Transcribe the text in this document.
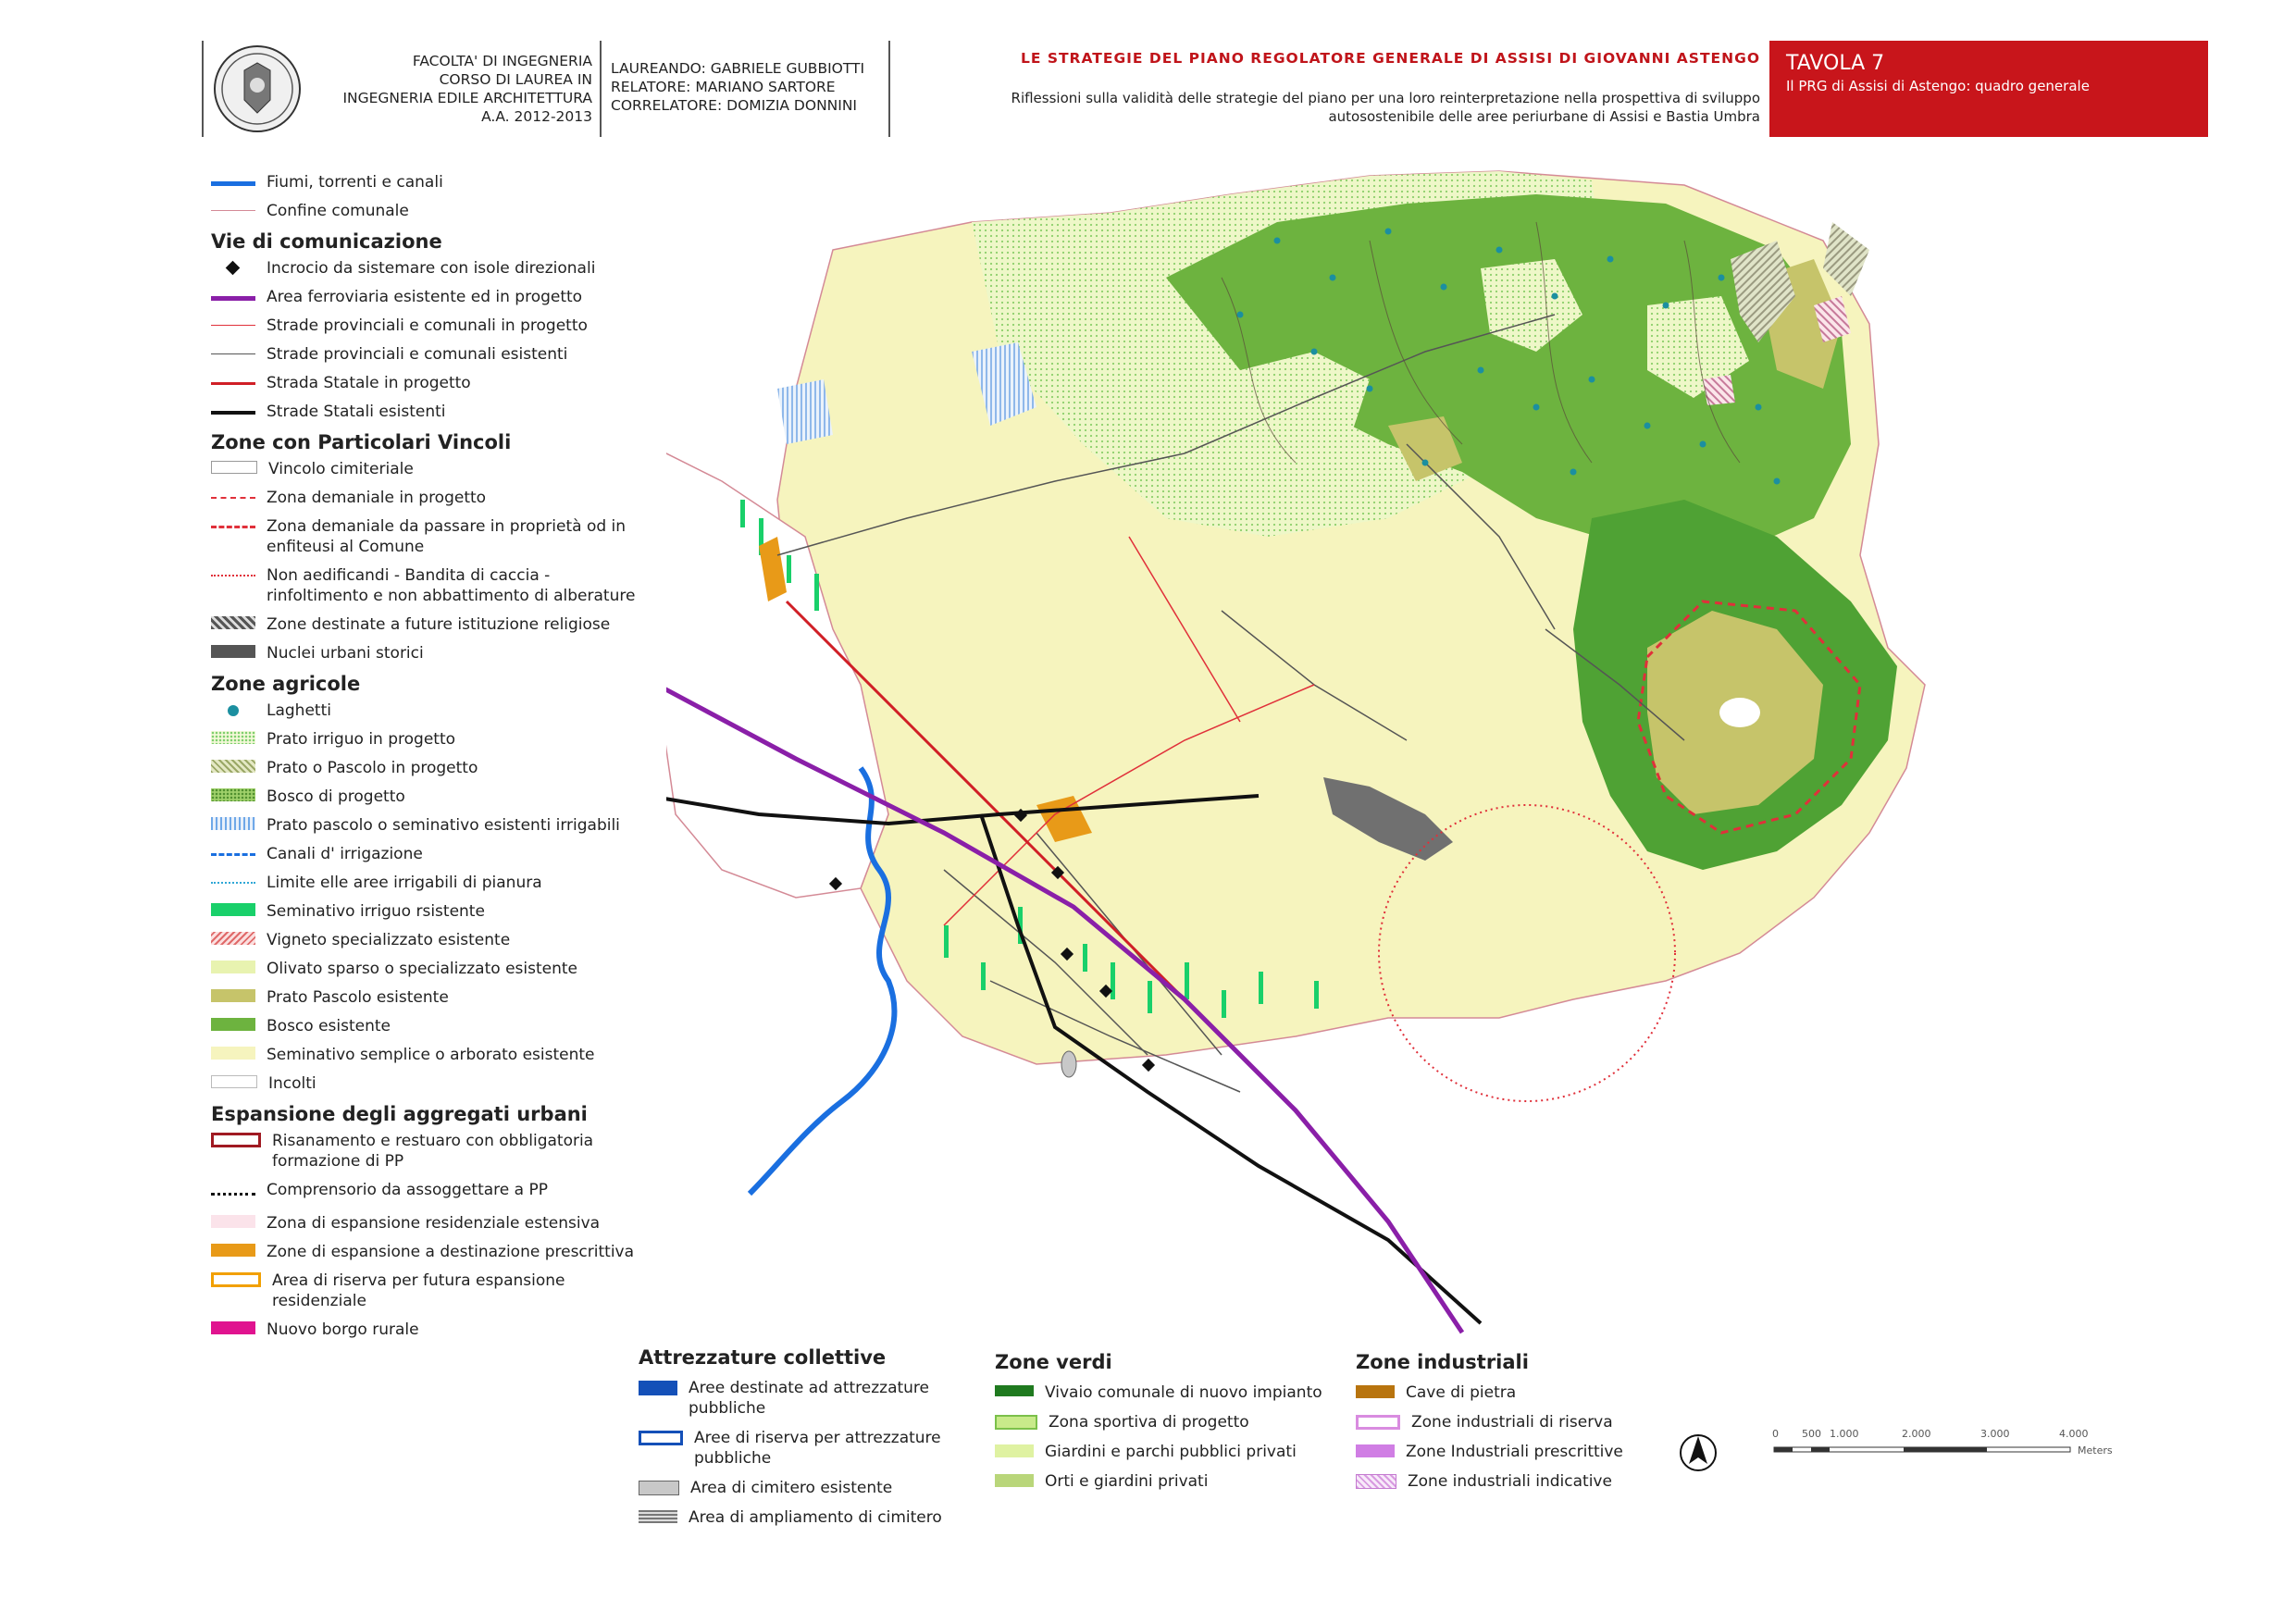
FACOLTA' DI INGEGNERIA
CORSO DI LAUREA IN
INGEGNERIA EDILE ARCHITETTURA
A.A. 2012-2013
LAUREANDO: GABRIELE GUBBIOTTI
RELATORE: MARIANO SARTORE
CORRELATORE: DOMIZIA DONNINI
LE STRATEGIE DEL PIANO REGOLATORE GENERALE DI ASSISI DI GIOVANNI ASTENGO
Riflessioni sulla validità delle strategie del piano per una loro reinterpretazione nella prospettiva di sviluppo
autosostenibile delle aree periurbane di Assisi e Bastia Umbra
TAVOLA 7
Il PRG di Assisi di Astengo: quadro generale
Fiumi, torrenti e canali
Confine comunale
Vie di comunicazione
Incrocio da sistemare con isole direzionali
Area ferroviaria esistente ed in progetto
Strade provinciali e comunali in progetto
Strade provinciali e comunali esistenti
Strada Statale in progetto
Strade Statali esistenti
Zone con Particolari Vincoli
Vincolo cimiteriale
Zona demaniale in progetto
Zona demaniale da passare in proprietà od in enfiteusi al Comune
Non aedificandi - Bandita di caccia - rinfoltimento e non abbattimento di alberature
Zone destinate a future istituzione religiose
Nuclei urbani storici
Zone agricole
Laghetti
Prato irriguo in progetto
Prato o Pascolo in progetto
Bosco di progetto
Prato pascolo o seminativo esistenti irrigabili
Canali d' irrigazione
Limite elle aree irrigabili di pianura
Seminativo irriguo rsistente
Vigneto specializzato esistente
Olivato sparso o specializzato esistente
Prato Pascolo esistente
Bosco esistente
Seminativo semplice o arborato esistente
Incolti
Espansione degli aggregati urbani
Risanamento e restuaro con obbligatoria formazione di PP
Comprensorio da assoggettare a PP
Zona di espansione residenziale estensiva
Zone di espansione a destinazione prescrittiva
Area di riserva per futura espansione residenziale
Nuovo borgo rurale
Attrezzature collettive
Aree destinate ad attrezzature pubbliche
Aree di riserva per attrezzature pubbliche
Area di cimitero esistente
Area di ampliamento di cimitero
Zone verdi
Vivaio comunale di nuovo impianto
Zona sportiva di progetto
Giardini e parchi pubblici privati
Orti e giardini privati
Zone industriali
Cave di pietra
Zone industriali di riserva
Zone Industriali prescrittive
Zone industriali indicative
0 500 1.000	2.000	3.000	4.000
Meters
